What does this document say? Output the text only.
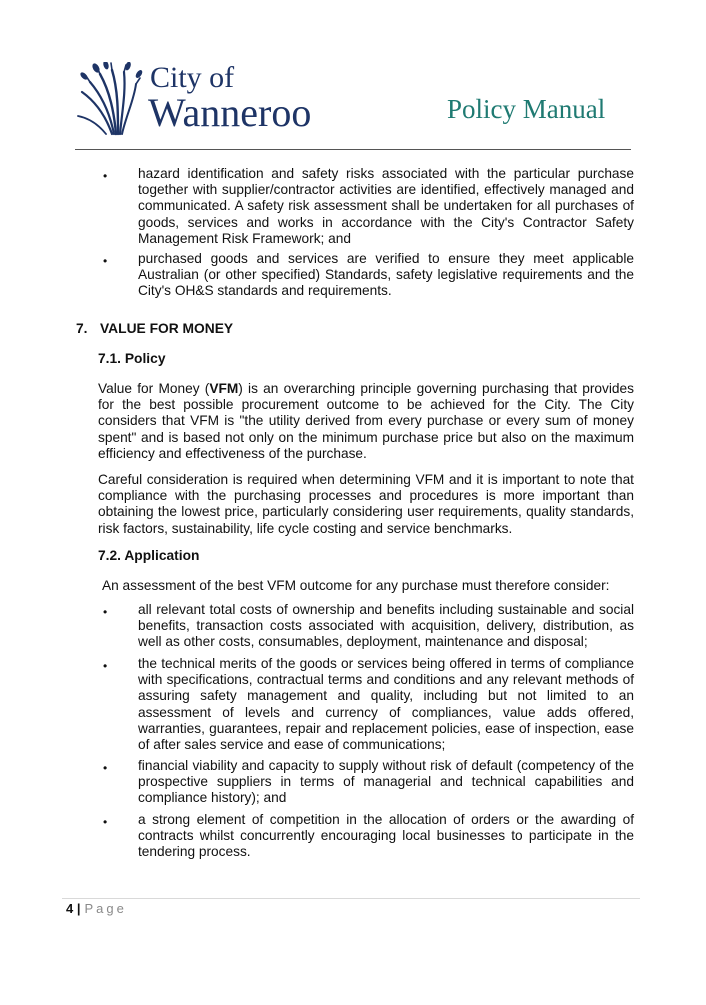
City of
Wanneroo	Policy Manual
• hazard identification and safety risks associated with the particular purchase together with supplier/contractor activities are identified, effectively managed and communicated. A safety risk assessment shall be undertaken for all purchases of goods, services and works in accordance with the City's Contractor Safety Management Risk Framework; and
• purchased goods and services are verified to ensure they meet applicable Australian (or other specified) Standards, safety legislative requirements and the City's OH&S standards and requirements.
7. VALUE FOR MONEY
7.1. Policy
Value for Money (VFM) is an overarching principle governing purchasing that provides for the best possible procurement outcome to be achieved for the City. The City considers that VFM is "the utility derived from every purchase or every sum of money spent" and is based not only on the minimum purchase price but also on the maximum efficiency and effectiveness of the purchase.
Careful consideration is required when determining VFM and it is important to note that compliance with the purchasing processes and procedures is more important than obtaining the lowest price, particularly considering user requirements, quality standards, risk factors, sustainability, life cycle costing and service benchmarks.
7.2. Application
An assessment of the best VFM outcome for any purchase must therefore consider:
• all relevant total costs of ownership and benefits including sustainable and social benefits, transaction costs associated with acquisition, delivery, distribution, as well as other costs, consumables, deployment, maintenance and disposal;
• the technical merits of the goods or services being offered in terms of compliance with specifications, contractual terms and conditions and any relevant methods of assuring safety management and quality, including but not limited to an assessment of levels and currency of compliances, value adds offered, warranties, guarantees, repair and replacement policies, ease of inspection, ease of after sales service and ease of communications;
• financial viability and capacity to supply without risk of default (competency of the prospective suppliers in terms of managerial and technical capabilities and compliance history); and
• a strong element of competition in the allocation of orders or the awarding of contracts whilst concurrently encouraging local businesses to participate in the tendering process.
4 | Page
